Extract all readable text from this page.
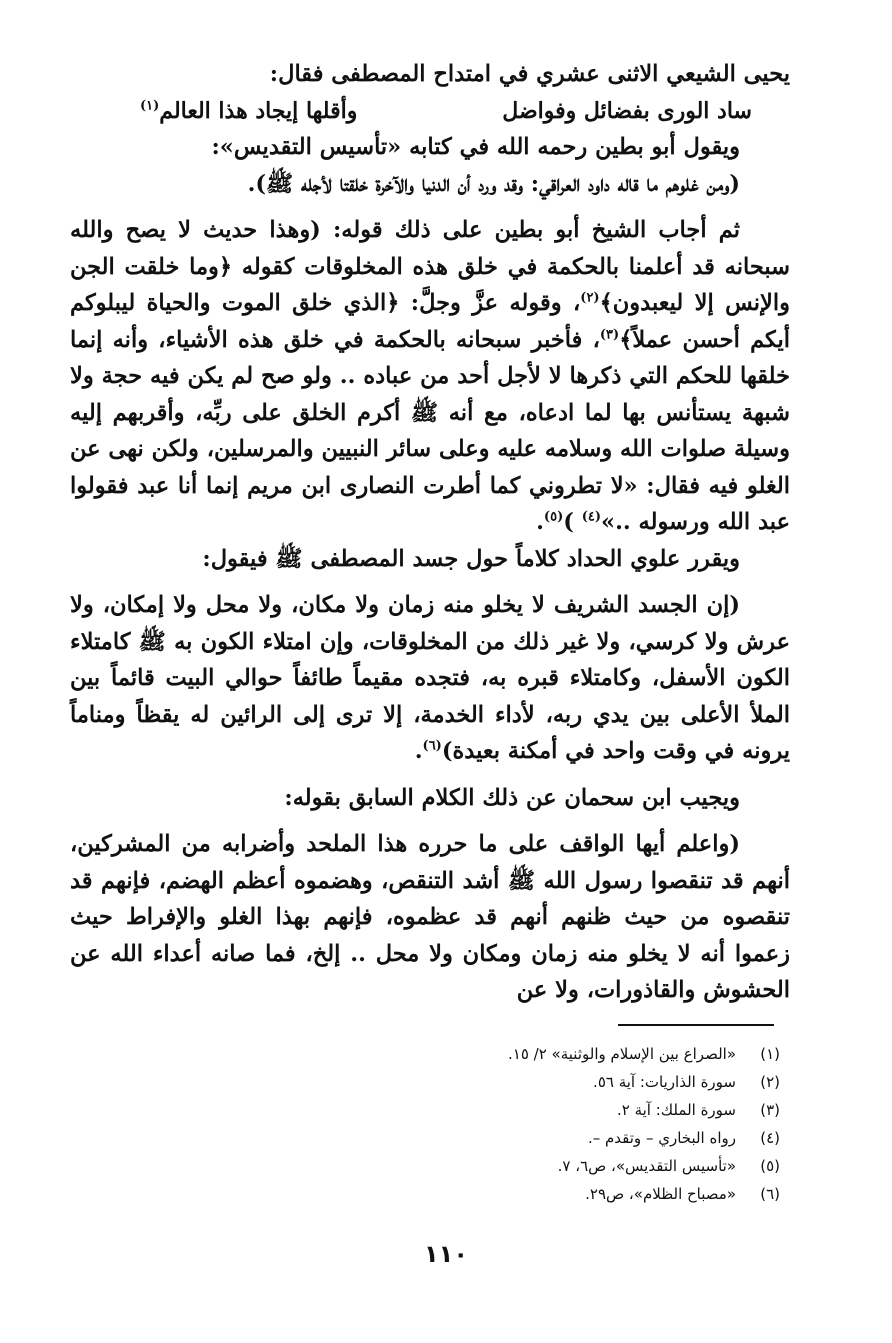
يحيى الشيعي الاثنى عشري في امتداح المصطفى فقال:

ساد الورى بفضائل وفواضل
وأقلها إيجاد هذا العالم$^{(١)}$

ويقول أبو بطين رحمه الله في كتابه «تأسيس التقديس»:

(ومن غلوهم ما قاله داود العراقي: وقد ورد أن الدنيا والآخرة خلقتا لأجله ﷺ).

ثم أجاب الشيخ أبو بطين على ذلك قوله: (وهذا حديث لا يصح والله سبحانه قد أعلمنا بالحكمة في خلق هذه المخلوقات كقوله ﴿وما خلقت الجن والإنس إلا ليعبدون﴾$^{(٢)}$، وقوله عزَّ وجلَّ: ﴿الذي خلق الموت والحياة ليبلوكم أيكم أحسن عملاً﴾$^{(٣)}$، فأخبر سبحانه بالحكمة في خلق هذه الأشياء، وأنه إنما خلقها للحكم التي ذكرها لا لأجل أحد من عباده .. ولو صح لم يكن فيه حجة ولا شبهة يستأنس بها لما ادعاه، مع أنه ﷺ أكرم الخلق على ربِّه، وأقربهم إليه وسيلة صلوات الله وسلامه عليه وعلى سائر النبيين والمرسلين، ولكن نهى عن الغلو فيه فقال: «لا تطروني كما أطرت النصارى ابن مريم إنما أنا عبد فقولوا عبد الله ورسوله ..»$^{(٤)}$ )$^{(٥)}$.

ويقرر علوي الحداد كلاماً حول جسد المصطفى ﷺ فيقول:

(إن الجسد الشريف لا يخلو منه زمان ولا مكان، ولا محل ولا إمكان، ولا عرش ولا كرسي، ولا غير ذلك من المخلوقات، وإن امتلاء الكون به ﷺ كامتلاء الكون الأسفل، وكامتلاء قبره به، فتجده مقيماً طائفاً حوالي البيت قائماً بين الملأ الأعلى بين يدي ربه، لأداء الخدمة، إلا ترى إلى الرائين له يقظاً ومناماً يرونه في وقت واحد في أمكنة بعيدة)$^{(٦)}$.

ويجيب ابن سحمان عن ذلك الكلام السابق بقوله:

(واعلم أيها الواقف على ما حرره هذا الملحد وأضرابه من المشركين، أنهم قد تنقصوا رسول الله ﷺ أشد التنقص، وهضموه أعظم الهضم، فإنهم قد تنقصوه من حيث ظنهم أنهم قد عظموه، فإنهم بهذا الغلو والإفراط حيث زعموا أنه لا يخلو منه زمان ومكان ولا محل .. إلخ، فما صانه أعداء الله عن الحشوش والقاذورات، ولا عن

(١)
«الصراع بين الإسلام والوثنية» ٢/ ١٥.
(٢)
سورة الذاريات: آية ٥٦.
(٣)
سورة الملك: آية ٢.
(٤)
رواه البخاري – وتقدم –.
(٥)
«تأسيس التقديس»، ص٦، ٧.
(٦)
«مصباح الظلام»، ص٢٩.
١١٠
